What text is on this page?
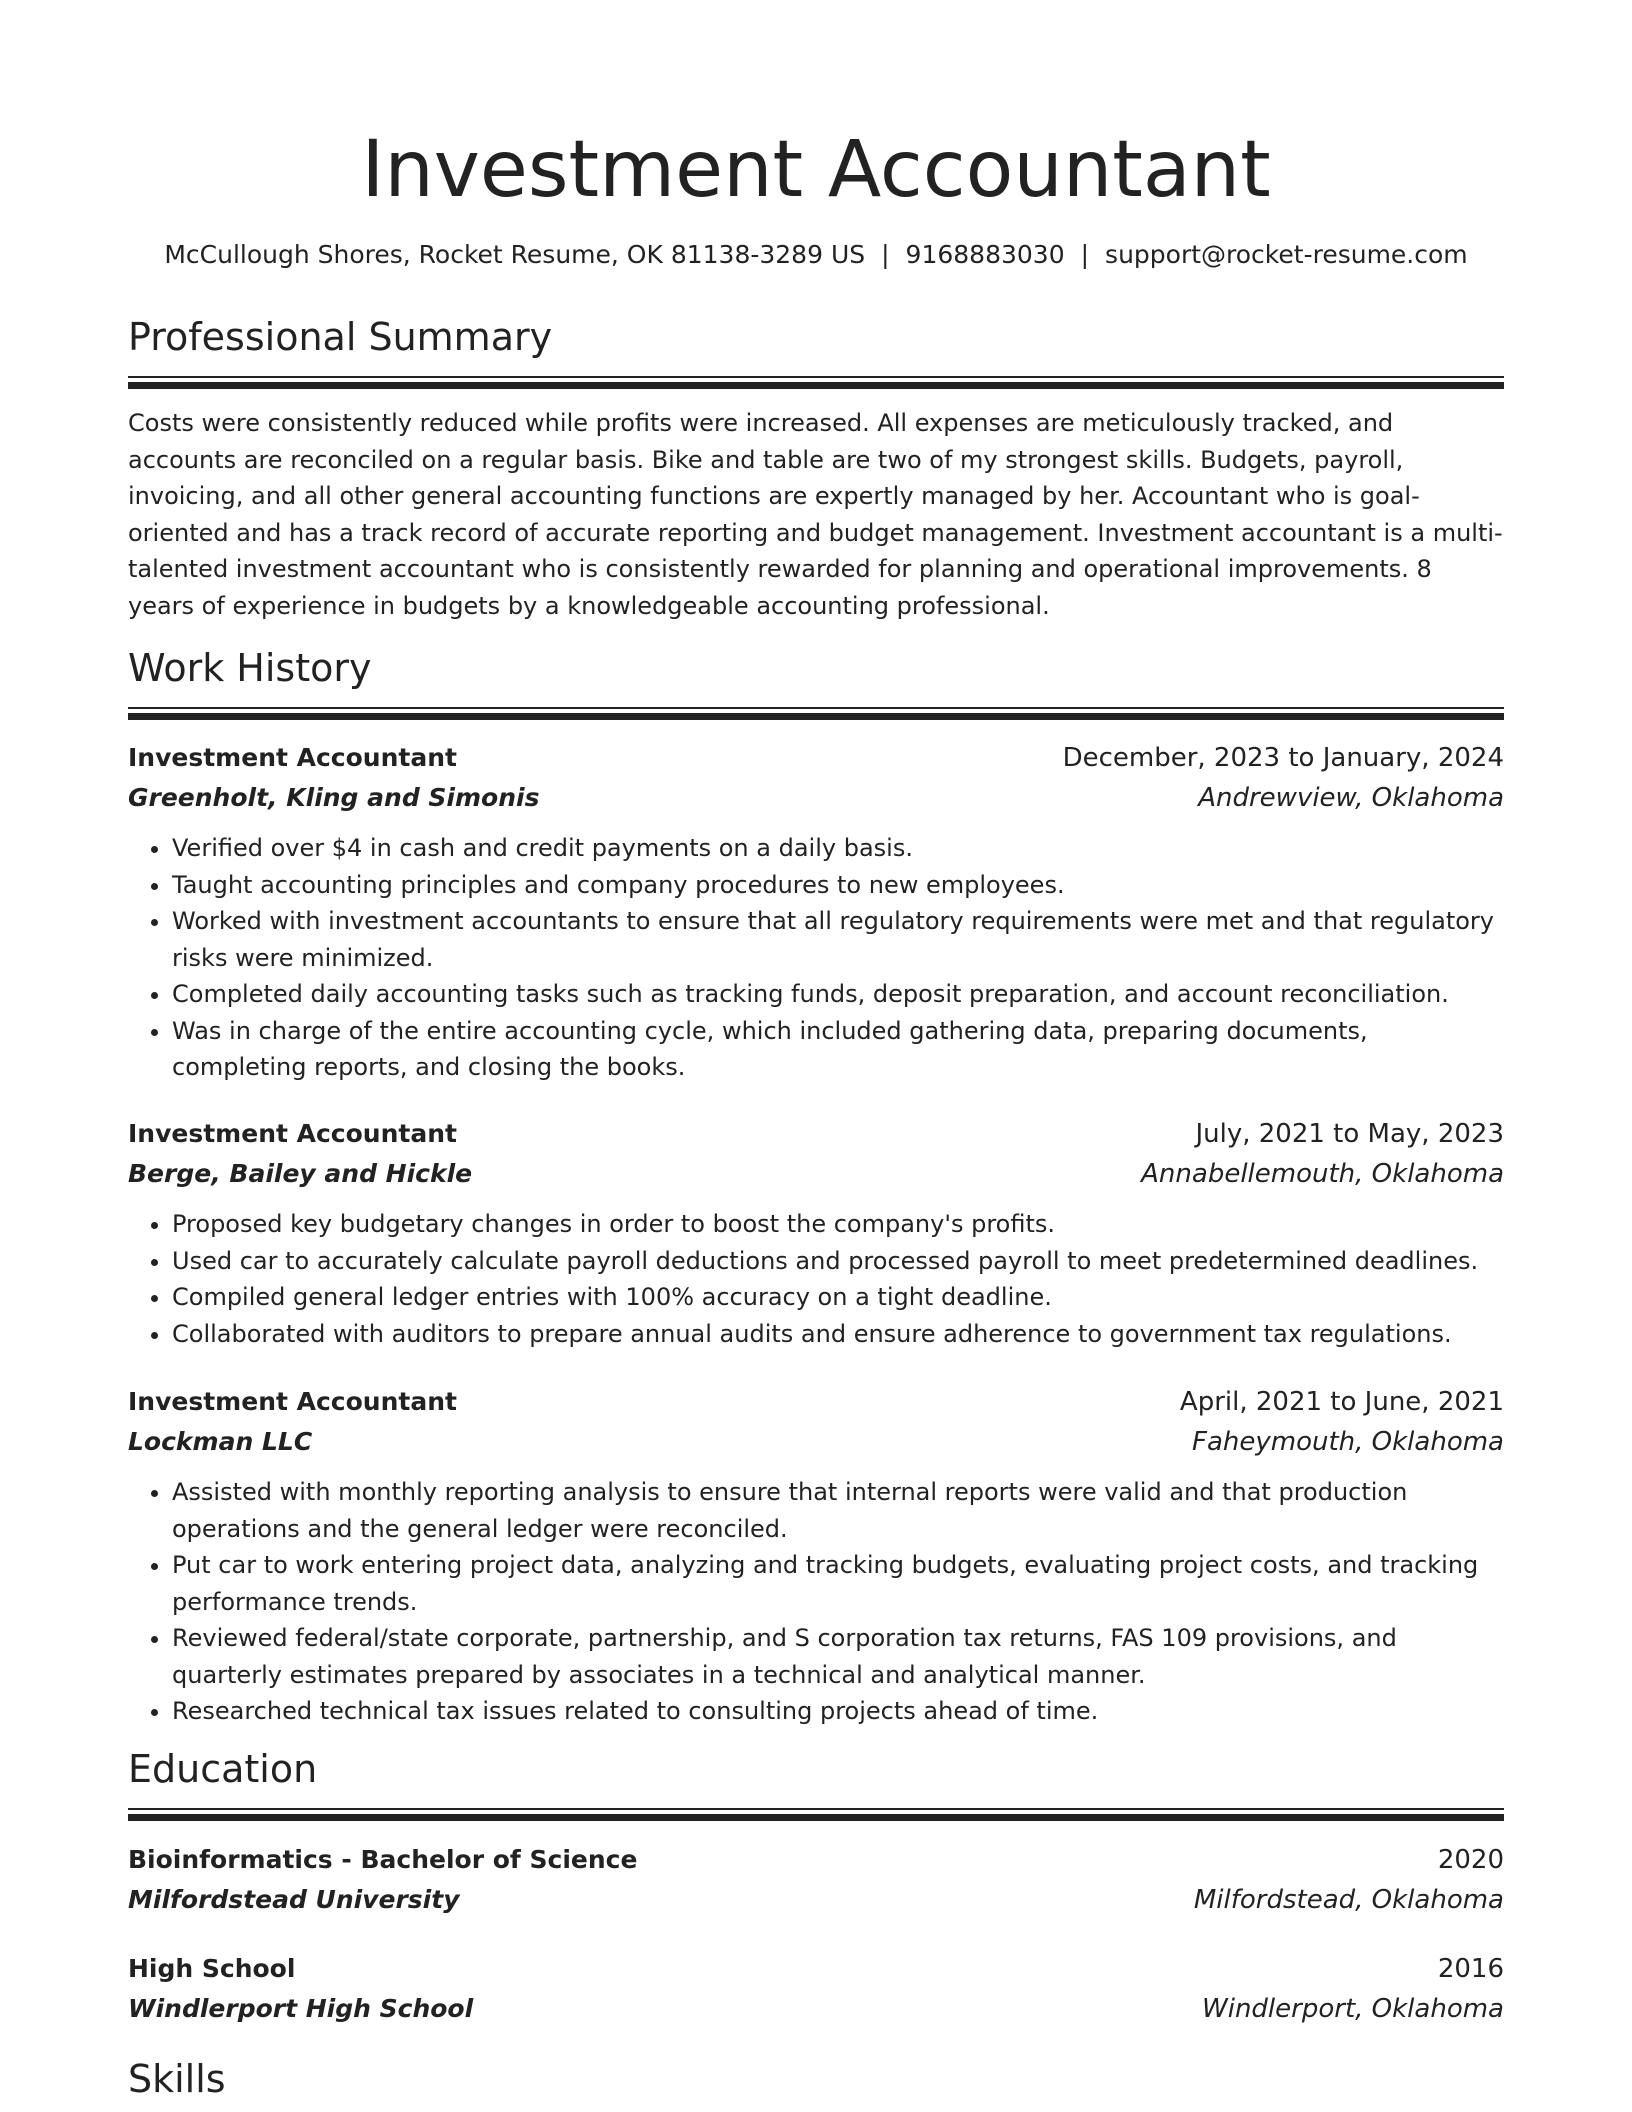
Investment Accountant
McCullough Shores, Rocket Resume, OK 81138-3289 US | 9168883030 | support@rocket-resume.com
Professional Summary
Costs were consistently reduced while profits were increased. All expenses are meticulously tracked, and accounts are reconciled on a regular basis. Bike and table are two of my strongest skills. Budgets, payroll, invoicing, and all other general accounting functions are expertly managed by her. Accountant who is goal-oriented and has a track record of accurate reporting and budget management. Investment accountant is a multi-talented investment accountant who is consistently rewarded for planning and operational improvements. 8 years of experience in budgets by a knowledgeable accounting professional.
Work History
Investment Accountant	December, 2023 to January, 2024
Greenholt, Kling and Simonis	Andrewview, Oklahoma
• Verified over $4 in cash and credit payments on a daily basis.
• Taught accounting principles and company procedures to new employees.
• Worked with investment accountants to ensure that all regulatory requirements were met and that regulatory risks were minimized.
• Completed daily accounting tasks such as tracking funds, deposit preparation, and account reconciliation.
• Was in charge of the entire accounting cycle, which included gathering data, preparing documents, completing reports, and closing the books.
Investment Accountant	July, 2021 to May, 2023
Berge, Bailey and Hickle	Annabellemouth, Oklahoma
• Proposed key budgetary changes in order to boost the company's profits.
• Used car to accurately calculate payroll deductions and processed payroll to meet predetermined deadlines.
• Compiled general ledger entries with 100% accuracy on a tight deadline.
• Collaborated with auditors to prepare annual audits and ensure adherence to government tax regulations.
Investment Accountant	April, 2021 to June, 2021
Lockman LLC	Faheymouth, Oklahoma
• Assisted with monthly reporting analysis to ensure that internal reports were valid and that production operations and the general ledger were reconciled.
• Put car to work entering project data, analyzing and tracking budgets, evaluating project costs, and tracking performance trends.
• Reviewed federal/state corporate, partnership, and S corporation tax returns, FAS 109 provisions, and quarterly estimates prepared by associates in a technical and analytical manner.
• Researched technical tax issues related to consulting projects ahead of time.
Education
Bioinformatics - Bachelor of Science	2020
Milfordstead University	Milfordstead, Oklahoma
High School	2016
Windlerport High School	Windlerport, Oklahoma
Skills
